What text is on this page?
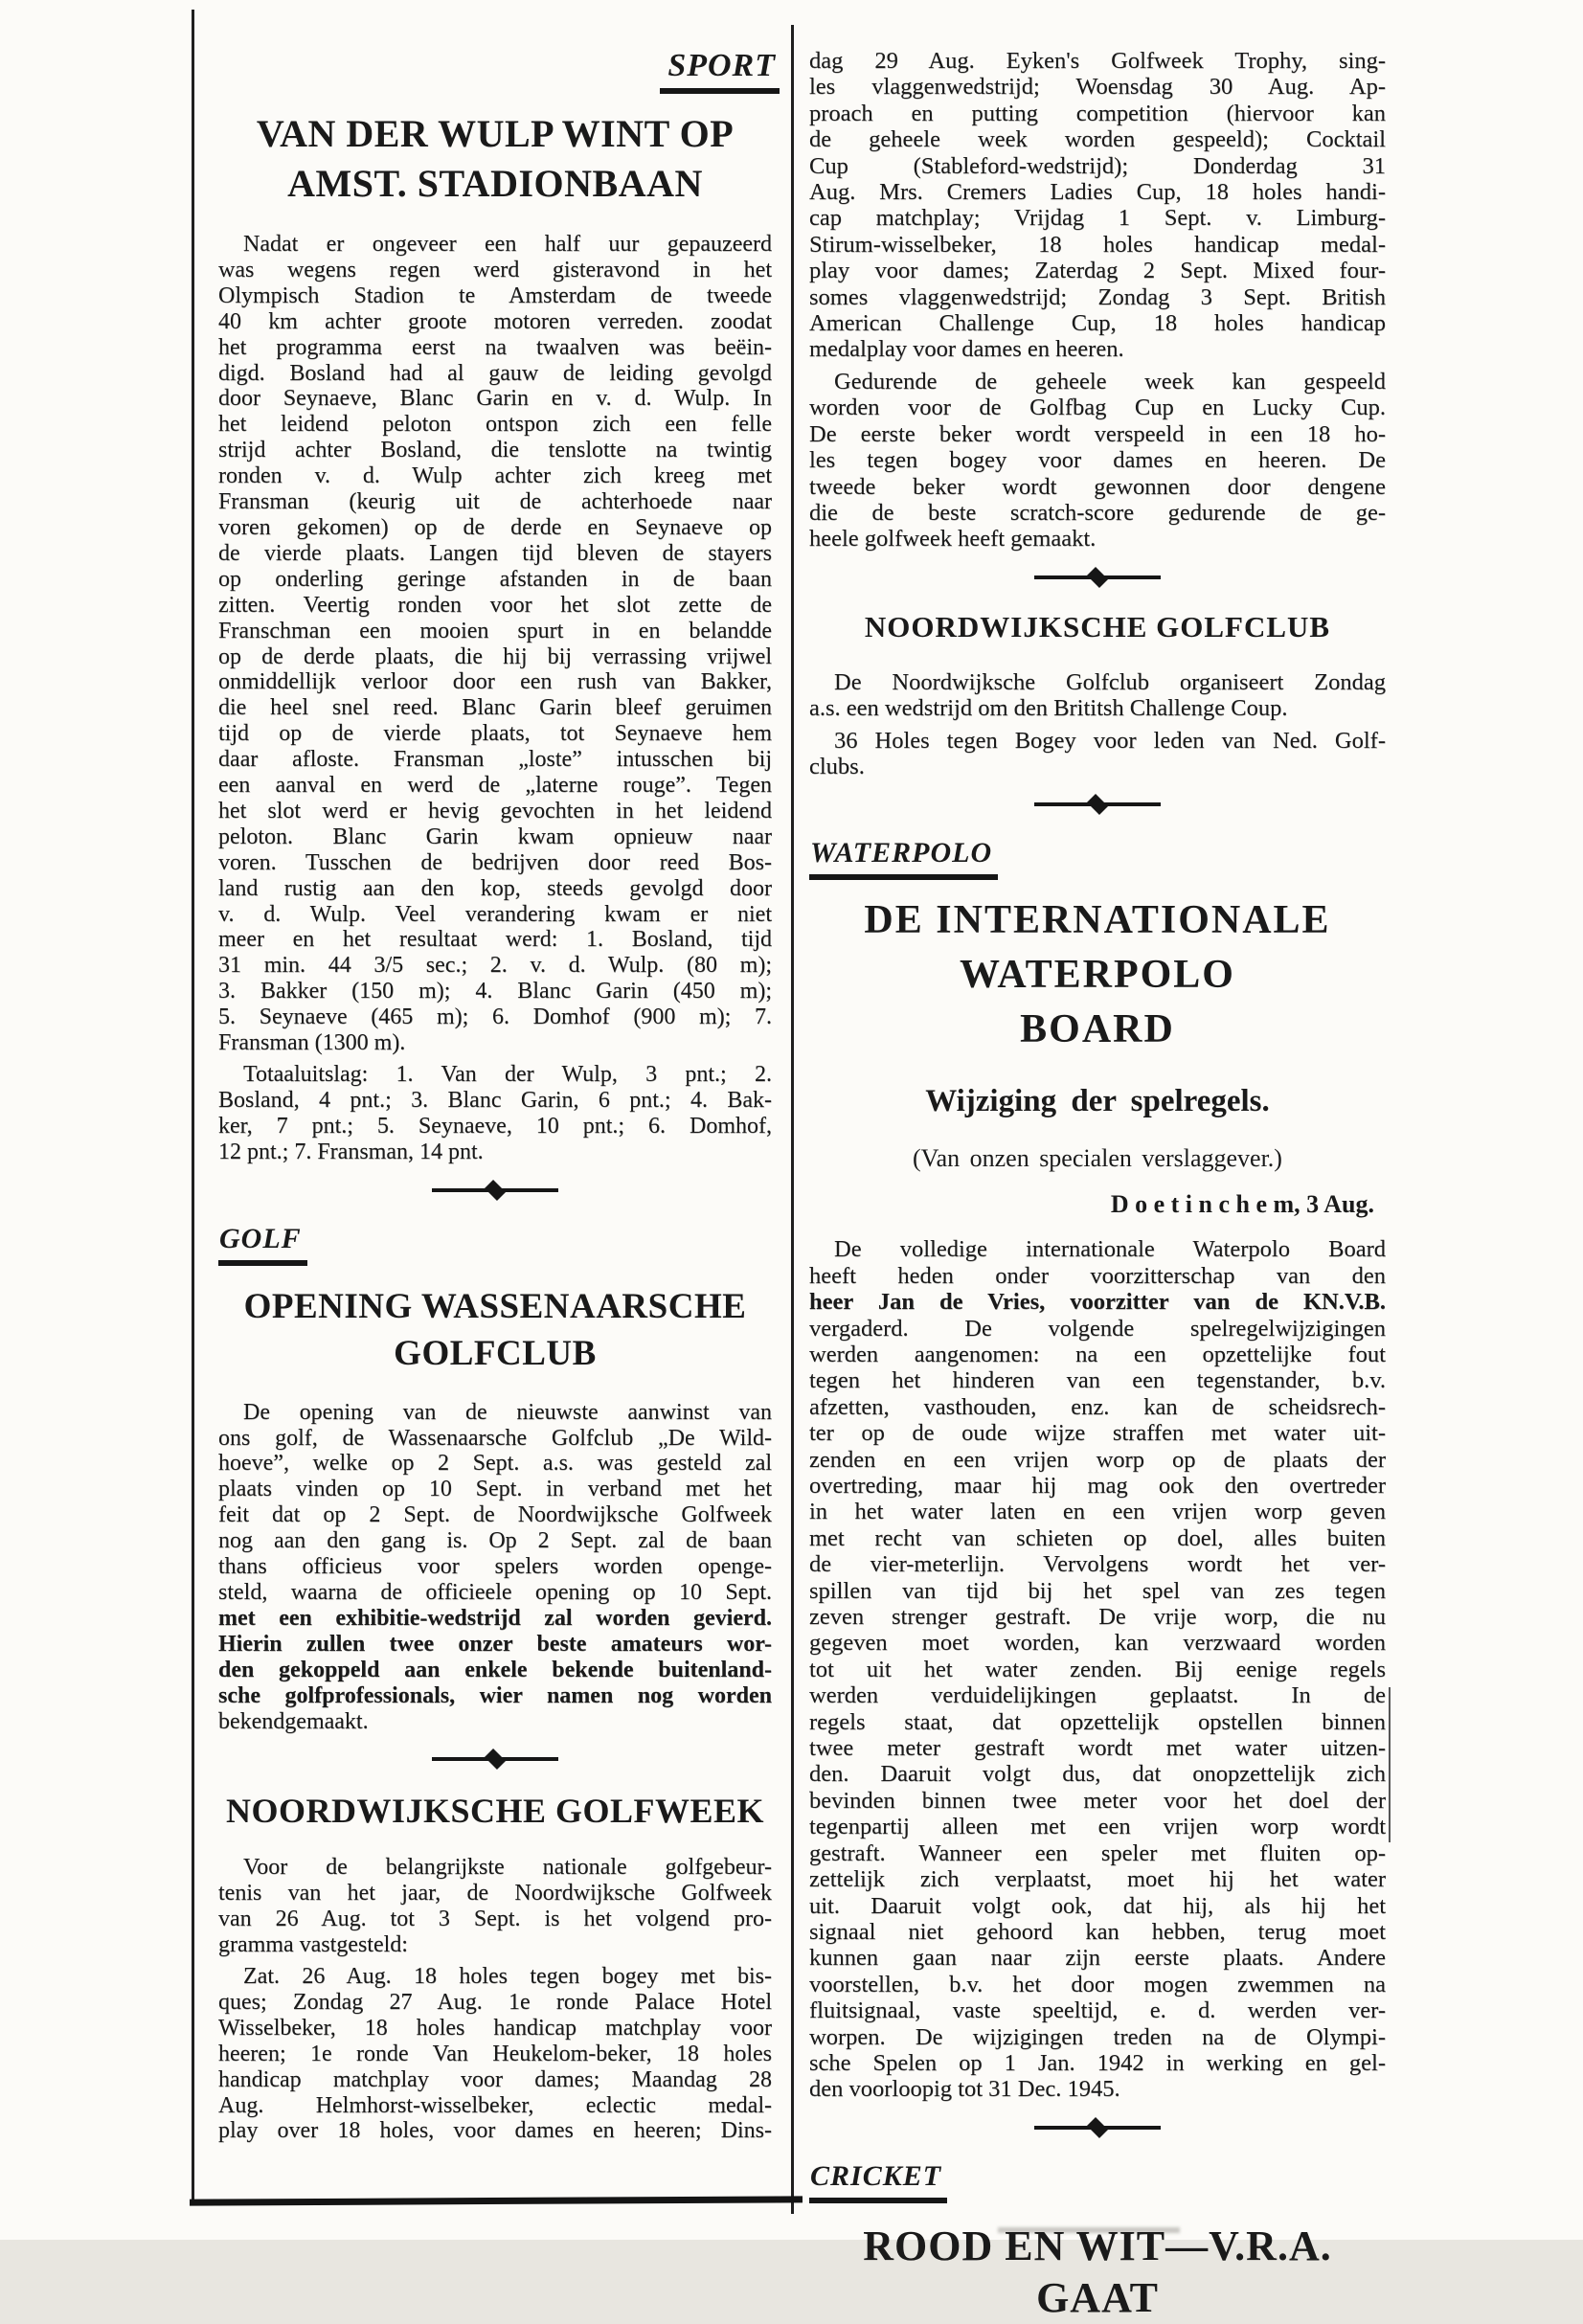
SPORT
VAN DER WULP WINT OP
AMST. STADIONBAAN
Nadat er ongeveer een half uur gepauzeerd
was wegens regen werd gisteravond in het
Olympisch Stadion te Amsterdam de tweede
40 km achter groote motoren verreden. zoodat
het programma eerst na twaalven was beëin-
digd. Bosland had al gauw de leiding gevolgd
door Seynaeve, Blanc Garin en v. d. Wulp. In
het leidend peloton ontspon zich een felle
strijd achter Bosland, die tenslotte na twintig
ronden v. d. Wulp achter zich kreeg met
Fransman (keurig uit de achterhoede naar
voren gekomen) op de derde en Seynaeve op
de vierde plaats. Langen tijd bleven de stayers
op onderling geringe afstanden in de baan
zitten. Veertig ronden voor het slot zette de
Franschman een mooien spurt in en belandde
op de derde plaats, die hij bij verrassing vrijwel
onmiddellijk verloor door een rush van Bakker,
die heel snel reed. Blanc Garin bleef geruimen
tijd op de vierde plaats, tot Seynaeve hem
daar afloste. Fransman „loste” intusschen bij
een aanval en werd de „laterne rouge”. Tegen
het slot werd er hevig gevochten in het leidend
peloton. Blanc Garin kwam opnieuw naar
voren. Tusschen de bedrijven door reed Bos-
land rustig aan den kop, steeds gevolgd door
v. d. Wulp. Veel verandering kwam er niet
meer en het resultaat werd: 1. Bosland, tijd
31 min. 44 3/5 sec.; 2. v. d. Wulp. (80 m);
3. Bakker (150 m); 4. Blanc Garin (450 m);
5. Seynaeve (465 m); 6. Domhof (900 m); 7.
Fransman (1300 m).
Totaaluitslag: 1. Van der Wulp, 3 pnt.; 2.
Bosland, 4 pnt.; 3. Blanc Garin, 6 pnt.; 4. Bak-
ker, 7 pnt.; 5. Seynaeve, 10 pnt.; 6. Domhof,
12 pnt.; 7. Fransman, 14 pnt.
GOLF
OPENING WASSENAARSCHE
GOLFCLUB
De opening van de nieuwste aanwinst van
ons golf, de Wassenaarsche Golfclub „De Wild-
hoeve”, welke op 2 Sept. a.s. was gesteld zal
plaats vinden op 10 Sept. in verband met het
feit dat op 2 Sept. de Noordwijksche Golfweek
nog aan den gang is. Op 2 Sept. zal de baan
thans officieus voor spelers worden openge-
steld, waarna de officieele opening op 10 Sept.
met een exhibitie-wedstrijd zal worden gevierd.
Hierin zullen twee onzer beste amateurs wor-
den gekoppeld aan enkele bekende buitenland-
sche golfprofessionals, wier namen nog worden
bekendgemaakt.
NOORDWIJKSCHE GOLFWEEK
Voor de belangrijkste nationale golfgebeur-
tenis van het jaar, de Noordwijksche Golfweek
van 26 Aug. tot 3 Sept. is het volgend pro-
gramma vastgesteld:
Zat. 26 Aug. 18 holes tegen bogey met bis-
ques; Zondag 27 Aug. 1e ronde Palace Hotel
Wisselbeker, 18 holes handicap matchplay voor
heeren; 1e ronde Van Heukelom-beker, 18 holes
handicap matchplay voor dames; Maandag 28
Aug. Helmhorst-wisselbeker, eclectic medal-
play over 18 holes, voor dames en heeren; Dins-
dag 29 Aug. Eyken's Golfweek Trophy, sing-
les vlaggenwedstrijd; Woensdag 30 Aug. Ap-
proach en putting competition (hiervoor kan
de geheele week worden gespeeld); Cocktail
Cup (Stableford-wedstrijd); Donderdag 31
Aug. Mrs. Cremers Ladies Cup, 18 holes handi-
cap matchplay; Vrijdag 1 Sept. v. Limburg-
Stirum-wisselbeker, 18 holes handicap medal-
play voor dames; Zaterdag 2 Sept. Mixed four-
somes vlaggenwedstrijd; Zondag 3 Sept. British
American Challenge Cup, 18 holes handicap
medalplay voor dames en heeren.
Gedurende de geheele week kan gespeeld
worden voor de Golfbag Cup en Lucky Cup.
De eerste beker wordt verspeeld in een 18 ho-
les tegen bogey voor dames en heeren. De
tweede beker wordt gewonnen door dengene
die de beste scratch-score gedurende de ge-
heele golfweek heeft gemaakt.
NOORDWIJKSCHE GOLFCLUB
De Noordwijksche Golfclub organiseert Zondag
a.s. een wedstrijd om den Brititsh Challenge Coup.
36 Holes tegen Bogey voor leden van Ned. Golf-
clubs.
WATERPOLO
DE INTERNATIONALE
WATERPOLO
BOARD
Wijziging der spelregels.
(Van onzen specialen verslaggever.)
D o e t i n c h e m, 3 Aug.
De volledige internationale Waterpolo Board
heeft heden onder voorzitterschap van den
heer Jan de Vries, voorzitter van de KN.V.B.
vergaderd. De volgende spelregelwijzigingen
werden aangenomen: na een opzettelijke fout
tegen het hinderen van een tegenstander, b.v.
afzetten, vasthouden, enz. kan de scheidsrech-
ter op de oude wijze straffen met water uit-
zenden en een vrijen worp op de plaats der
overtreding, maar hij mag ook den overtreder
in het water laten en een vrijen worp geven
met recht van schieten op doel, alles buiten
de vier-meterlijn. Vervolgens wordt het ver-
spillen van tijd bij het spel van zes tegen
zeven strenger gestraft. De vrije worp, die nu
gegeven moet worden, kan verzwaard worden
tot uit het water zenden. Bij eenige regels
werden verduidelijkingen geplaatst. In de
regels staat, dat opzettelijk opstellen binnen
twee meter gestraft wordt met water uitzen-
den. Daaruit volgt dus, dat onopzettelijk zich
bevinden binnen twee meter voor het doel der
tegenpartij alleen met een vrijen worp wordt
gestraft. Wanneer een speler met fluiten op-
zettelijk zich verplaatst, moet hij het water
uit. Daaruit volgt ook, dat hij, als hij het
signaal niet gehoord kan hebben, terug moet
kunnen gaan naar zijn eerste plaats. Andere
voorstellen, b.v. het door mogen zwemmen na
fluitsignaal, vaste speeltijd, e. d. werden ver-
worpen. De wijzigingen treden na de Olympi-
sche Spelen op 1 Jan. 1942 in werking en gel-
den voorloopig tot 31 Dec. 1945.
CRICKET
ROOD EN WIT—V.R.A. GAAT
